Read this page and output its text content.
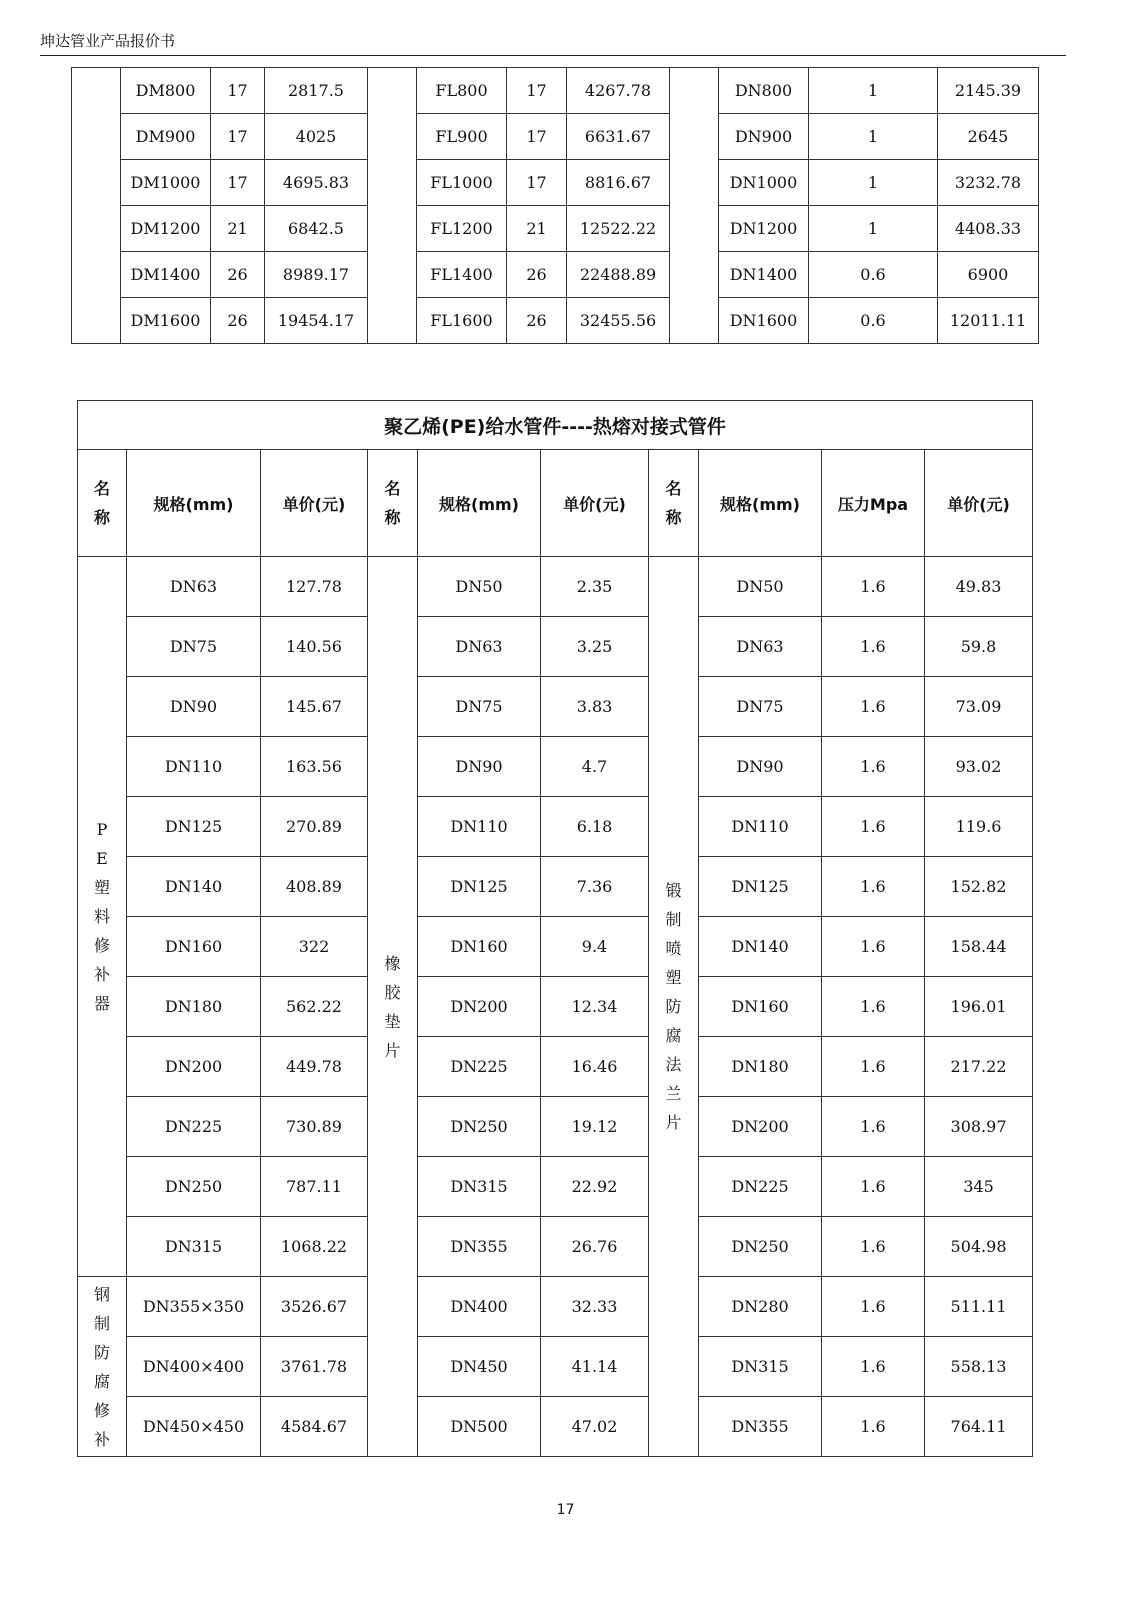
坤达管业产品报价书
	DM800	17	2817.5		FL800	17	4267.78		DN800	1	2145.39
	DM900	17	4025		FL900	17	6631.67		DN900	1	2645
	DM1000	17	4695.83		FL1000	17	8816.67		DN1000	1	3232.78
	DM1200	21	6842.5		FL1200	21	12522.22		DN1200	1	4408.33
	DM1400	26	8989.17		FL1400	26	22488.89		DN1400	0.6	6900
	DM1600	26	19454.17		FL1600	26	32455.56		DN1600	0.6	12011.11
聚乙烯(PE)给水管件----热熔对接式管件									

名称	规格(mm)	单价(元)	名称	规格(mm)	单价(元)	名称	规格(mm)	压力Mpa	单价(元)

PE塑料修补器	DN63	127.78	橡胶垫片	DN50	2.35	锻制喷塑防腐法兰片	DN50	1.6	49.83
	DN75	140.56		DN63	3.25		DN63	1.6	59.8
	DN90	145.67		DN75	3.83		DN75	1.6	73.09
	DN110	163.56		DN90	4.7		DN90	1.6	93.02
	DN125	270.89		DN110	6.18		DN110	1.6	119.6
	DN140	408.89		DN125	7.36		DN125	1.6	152.82
	DN160	322		DN160	9.4		DN140	1.6	158.44
	DN180	562.22		DN200	12.34		DN160	1.6	196.01
	DN200	449.78		DN225	16.46		DN180	1.6	217.22
	DN225	730.89		DN250	19.12		DN200	1.6	308.97
	DN250	787.11		DN315	22.92		DN225	1.6	345
	DN315	1068.22		DN355	26.76		DN250	1.6	504.98

钢制防腐修补	DN355×350	3526.67		DN400	32.33		DN280	1.6	511.11
	DN400×400	3761.78		DN450	41.14		DN315	1.6	558.13
	DN450×450	4584.67		DN500	47.02		DN355	1.6	764.11
17
